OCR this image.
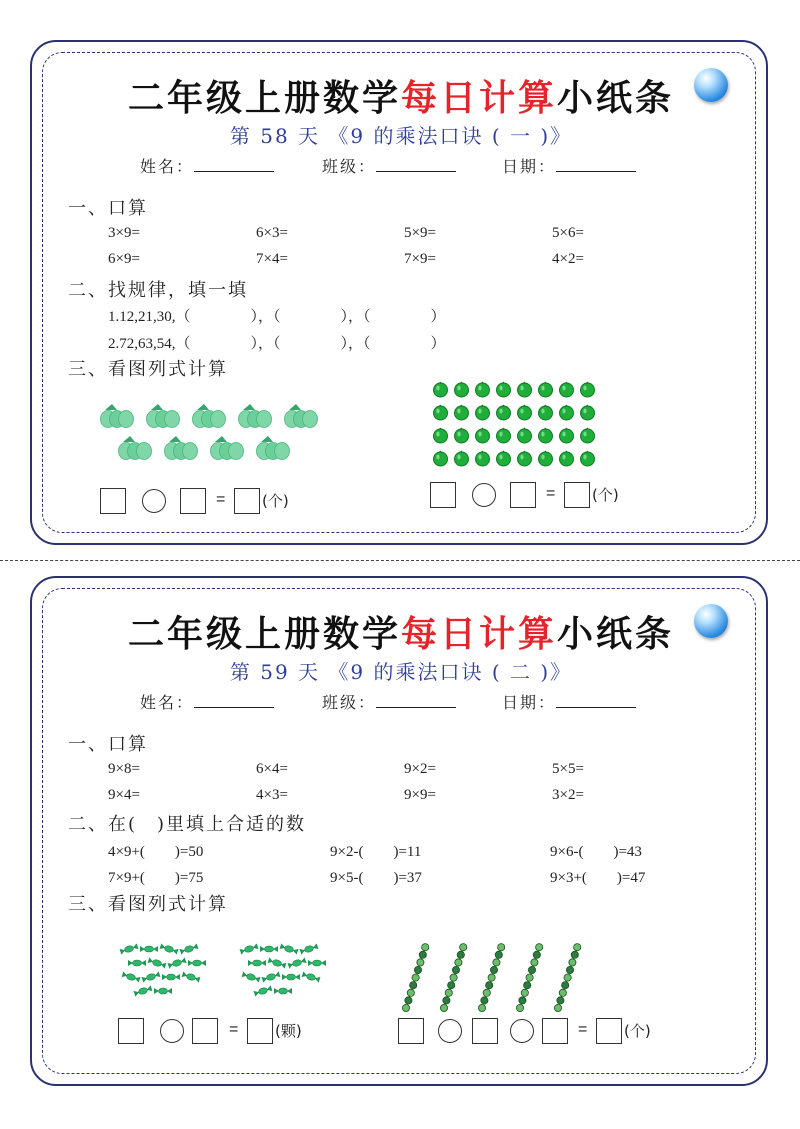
二年级上册数学每日计算小纸条
第 58 天 《9 的乘法口诀 ( 一 )》
姓名：	班级：	日期：
一、口算
3×9=	6×3=	5×9=	5×6=
6×9=	7×4=	7×9=	4×2=
二、找规律，填一填
1.12,21,30,（　　　　），（　　　　），（　　　　）
2.72,63,54,（　　　　），（　　　　），（　　　　）
三、看图列式计算
= (个)	= (个)
二年级上册数学每日计算小纸条
第 59 天 《9 的乘法口诀 ( 二 )》
姓名：	班级：	日期：
一、口算
9×8=	6×4=	9×2=	5×5=
9×4=	4×3=	9×9=	3×2=
二、在(　)里填上合适的数
4×9+(　　)=50	9×2-(　　)=11	9×6-(　　)=43
7×9+(　　)=75	9×5-(　　)=37	9×3+(　　)=47
三、看图列式计算
= (颗)	= (个)
